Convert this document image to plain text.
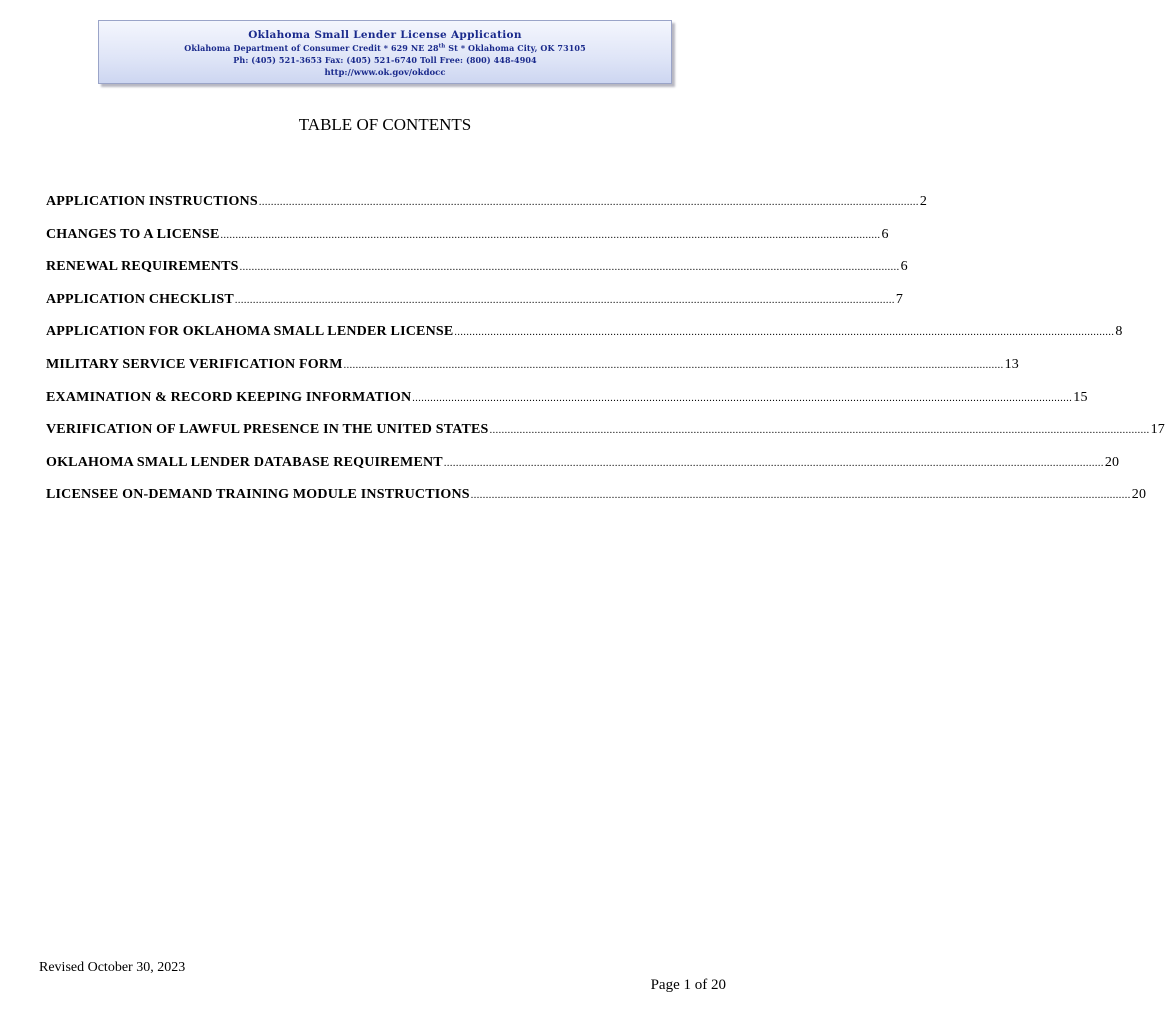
Oklahoma Small Lender License Application
Oklahoma Department of Consumer Credit * 629 NE 28th St * Oklahoma City, OK 73105
Ph: (405) 521-3653 Fax: (405) 521-6740 Toll Free: (800) 448-4904
http://www.ok.gov/okdocc
TABLE OF CONTENTS
APPLICATION INSTRUCTIONS ............................................................................................................................................................................................................................ 2
CHANGES TO A LICENSE ............................................................................................................................................................................................................................ 6
RENEWAL REQUIREMENTS ............................................................................................................................................................................................................................ 6
APPLICATION CHECKLIST ............................................................................................................................................................................................................................ 7
APPLICATION FOR OKLAHOMA SMALL LENDER LICENSE ............................................................................................................................................................................................................................ 8
MILITARY SERVICE VERIFICATION FORM ............................................................................................................................................................................................................................ 13
EXAMINATION & RECORD KEEPING INFORMATION ............................................................................................................................................................................................................................ 15
VERIFICATION OF LAWFUL PRESENCE IN THE UNITED STATES ............................................................................................................................................................................................................................ 17
OKLAHOMA SMALL LENDER DATABASE REQUIREMENT ............................................................................................................................................................................................................................ 20
LICENSEE ON-DEMAND TRAINING MODULE INSTRUCTIONS ............................................................................................................................................................................................................................ 20
Revised October 30, 2023
Page 1 of 20
